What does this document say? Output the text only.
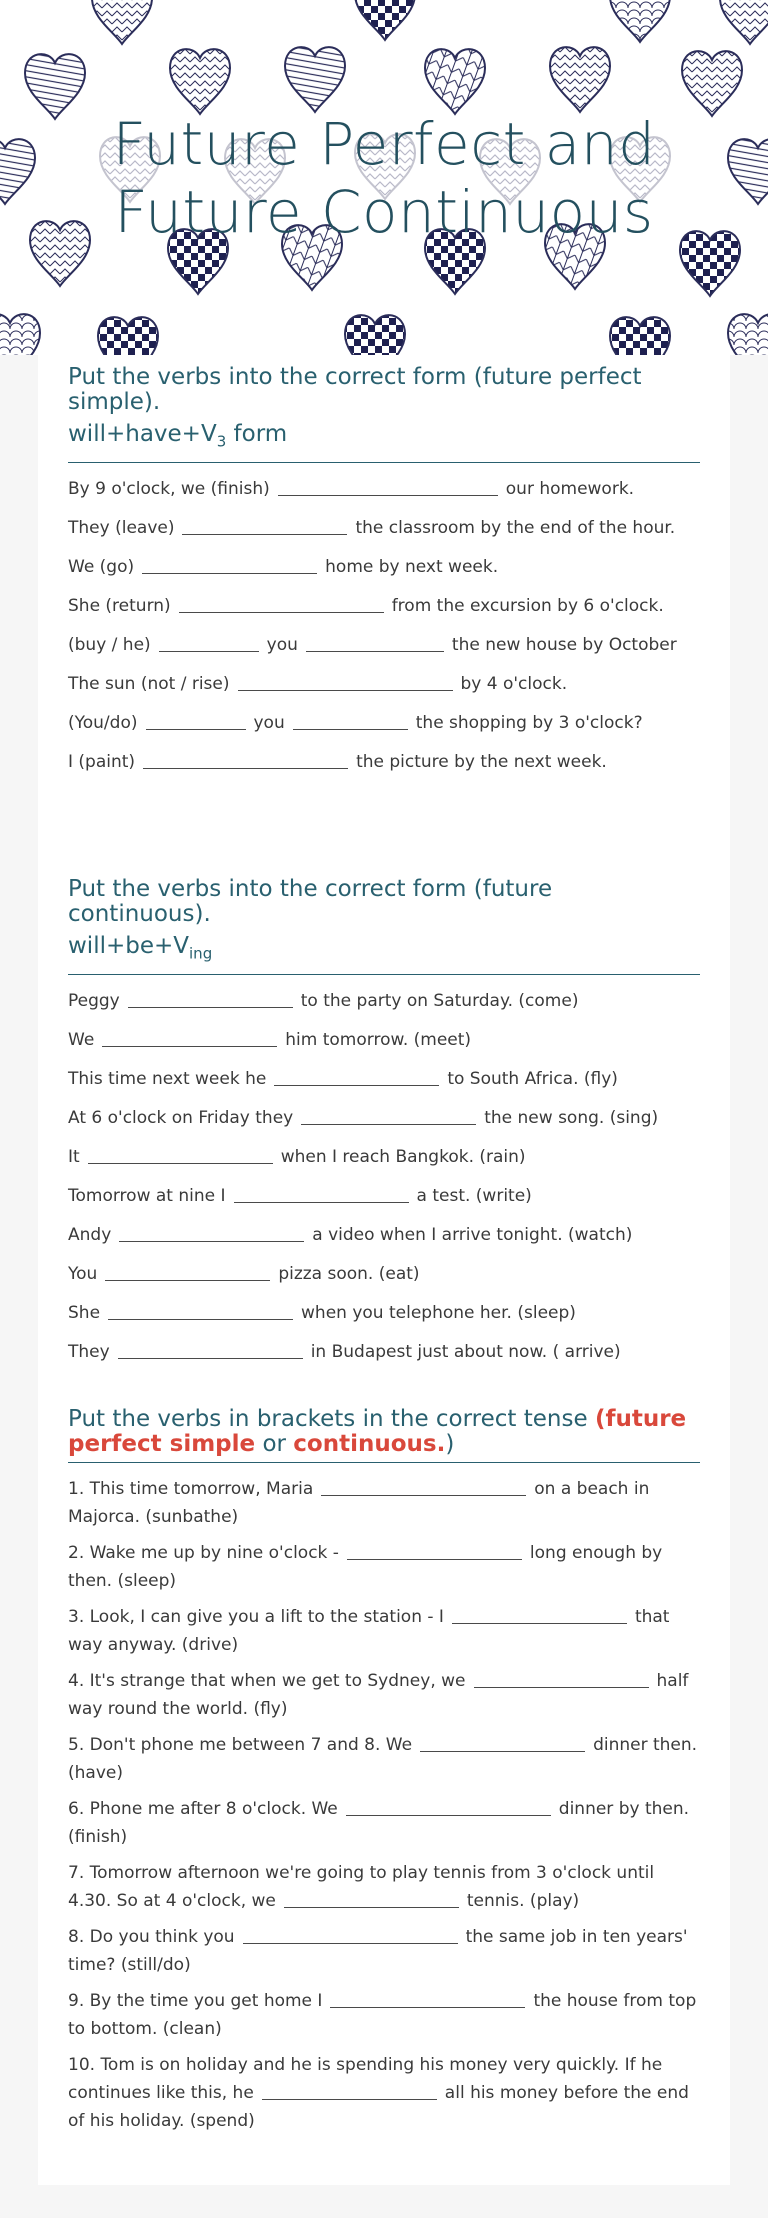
Future Perfect and
Future Continuous

Put the verbs into the correct form (future perfect simple).

$will+have+V_3$ form
By 9 o'clock, we (finish)	our homework.
They (leave)	the classroom by the end of the hour.
We (go)	home by next week.
She (return)	from the excursion by 6 o'clock.
(buy / he)	you	the new house by October
The sun (not / rise)	by 4 o'clock.
(You/do)	you	the shopping by 3 o'clock?
I (paint)	the picture by the next week.

Put the verbs into the correct form (future continuous).

$will+be+V_{ing}$
Peggy	to the party on Saturday. (come)
We	him tomorrow. (meet)
This time next week he	to South Africa. (fly)
At 6 o'clock on Friday they	the new song. (sing)
It	when I reach Bangkok. (rain)
Tomorrow at nine I	a test. (write)
Andy	a video when I arrive tonight. (watch)
You	pizza soon. (eat)
She	when you telephone her. (sleep)
They	in Budapest just about now. ( arrive)

Put the verbs in brackets in the correct tense (future perfect simple or continuous.)

1. This time tomorrow, Maria	on a beach in Majorca. (sunbathe)
2. Wake me up by nine o'clock -	long enough by then. (sleep)
3. Look, I can give you a lift to the station - I	that way anyway. (drive)
4. It's strange that when we get to Sydney, we	half way round the world. (fly)
5. Don't phone me between 7 and 8. We	dinner then. (have)
6. Phone me after 8 o'clock. We	dinner by then. (finish)
7. Tomorrow afternoon we're going to play tennis from 3 o'clock until 4.30. So at 4 o'clock, we	tennis. (play)
8. Do you think you	the same job in ten years' time? (still/do)
9. By the time you get home I	the house from top to bottom. (clean)
10. Tom is on holiday and he is spending his money very quickly. If he continues like this, he	all his money before the end of his holiday. (spend)
